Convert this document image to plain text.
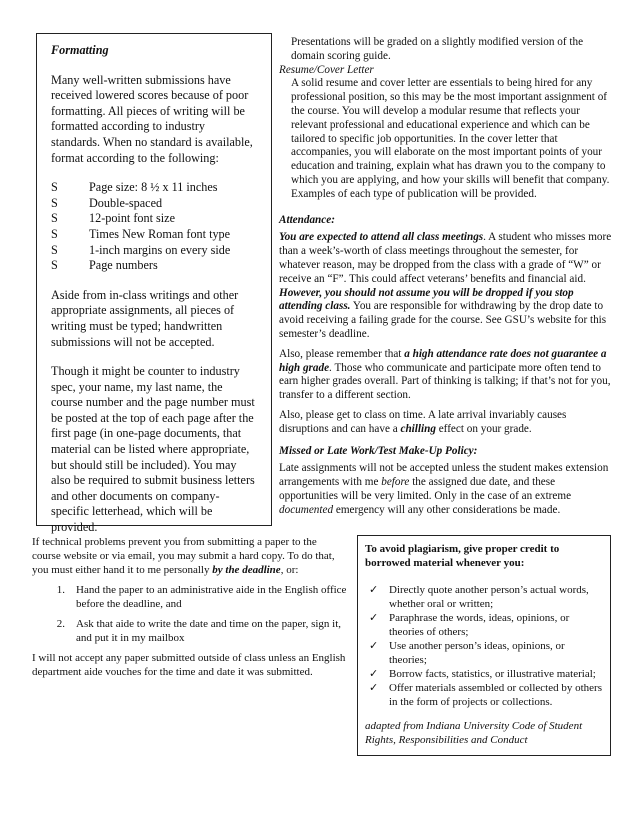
Formatting

Many well-written submissions have received lowered scores because of poor formatting. All pieces of writing will be formatted according to industry standards. When no standard is available, format according to the following:

S	Page size: 8 ½ x 11 inches
S	Double-spaced
S	12-point font size
S	Times New Roman font type
S	1-inch margins on every side
S	Page numbers

Aside from in-class writings and other appropriate assignments, all pieces of writing must be typed; handwritten submissions will not be accepted.

Though it might be counter to industry spec, your name, my last name, the course number and the page number must be posted at the top of each page after the first page (in one-page documents, that material can be listed where appropriate, but should still be included). You may also be required to submit business letters and other documents on company-specific letterhead, which will be provided.

Presentations will be graded on a slightly modified version of the domain scoring guide.

Resume/Cover Letter

A solid resume and cover letter are essentials to being hired for any professional position, so this may be the most important assignment of the course. You will develop a modular resume that reflects your relevant professional and educational experience and which can be tailored to specific job opportunities. In the cover letter that accompanies, you will elaborate on the most important points of your education and training, explain what has drawn you to the company to which you are applying, and how your skills will benefit that company. Examples of each type of publication will be provided.

Attendance:

You are expected to attend all class meetings. A student who misses more than a week’s-worth of class meetings throughout the semester, for whatever reason, may be dropped from the class with a grade of “W” or receive an “F”. This could affect veterans’ benefits and financial aid. However, you should not assume you will be dropped if you stop attending class. You are responsible for withdrawing by the drop date to avoid receiving a failing grade for the course. See GSU’s website for this semester’s deadline.

Also, please remember that a high attendance rate does not guarantee a high grade. Those who communicate and participate more often tend to earn higher grades overall. Part of thinking is talking; if that’s not for you, transfer to a different section.

Also, please get to class on time. A late arrival invariably causes disruptions and can have a chilling effect on your grade.

Missed or Late Work/Test Make-Up Policy:

Late assignments will not be accepted unless the student makes extension arrangements with me before the assigned due date, and these opportunities will be very limited. Only in the case of an extreme documented emergency will any other considerations be made.

If technical problems prevent you from submitting a paper to the course website or via email, you may submit a hard copy. To do that, you must either hand it to me personally by the deadline, or:

1.	Hand the paper to an administrative aide in the English office before the deadline, and
2.	Ask that aide to write the date and time on the paper, sign it, and put it in my mailbox

I will not accept any paper submitted outside of class unless an English department aide vouches for the time and date it was submitted.

To avoid plagiarism, give proper credit to borrowed material whenever you:

✓ Directly quote another person’s actual words, whether oral or written;
✓ Paraphrase the words, ideas, opinions, or theories of others;
✓ Use another person’s ideas, opinions, or theories;
✓ Borrow facts, statistics, or illustrative material;
✓ Offer materials assembled or collected by others in the form of projects or collections.

adapted from Indiana University Code of Student Rights, Responsibilities and Conduct
